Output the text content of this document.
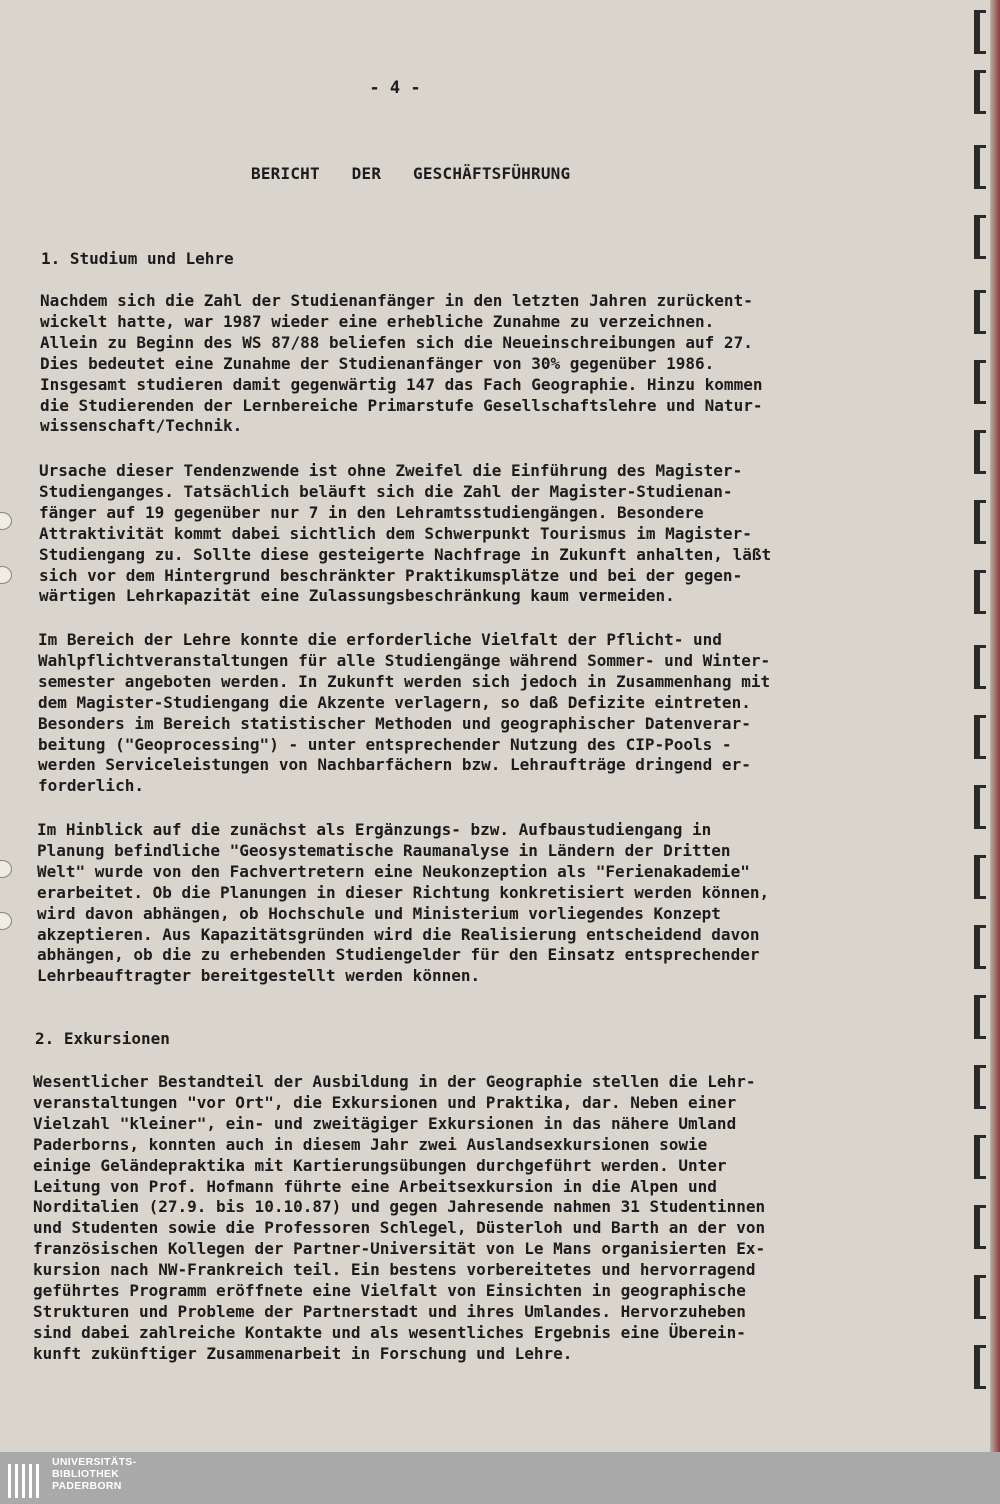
- 4 -
BERICHT DER GESCHÄFTSFÜHRUNG
1. Studium und Lehre
Nachdem sich die Zahl der Studienanfänger in den letzten Jahren zurückent-
wickelt hatte, war 1987 wieder eine erhebliche Zunahme zu verzeichnen.
Allein zu Beginn des WS 87/88 beliefen sich die Neueinschreibungen auf 27.
Dies bedeutet eine Zunahme der Studienanfänger von 30% gegenüber 1986.
Insgesamt studieren damit gegenwärtig 147 das Fach Geographie. Hinzu kommen
die Studierenden der Lernbereiche Primarstufe Gesellschaftslehre und Natur-
wissenschaft/Technik.
Ursache dieser Tendenzwende ist ohne Zweifel die Einführung des Magister-
Studienganges. Tatsächlich beläuft sich die Zahl der Magister-Studienan-
fänger auf 19 gegenüber nur 7 in den Lehramtsstudiengängen. Besondere
Attraktivität kommt dabei sichtlich dem Schwerpunkt Tourismus im Magister-
Studiengang zu. Sollte diese gesteigerte Nachfrage in Zukunft anhalten, läßt
sich vor dem Hintergrund beschränkter Praktikumsplätze und bei der gegen-
wärtigen Lehrkapazität eine Zulassungsbeschränkung kaum vermeiden.
Im Bereich der Lehre konnte die erforderliche Vielfalt der Pflicht- und
Wahlpflichtveranstaltungen für alle Studiengänge während Sommer- und Winter-
semester angeboten werden. In Zukunft werden sich jedoch in Zusammenhang mit
dem Magister-Studiengang die Akzente verlagern, so daß Defizite eintreten.
Besonders im Bereich statistischer Methoden und geographischer Datenverar-
beitung ("Geoprocessing") - unter entsprechender Nutzung des CIP-Pools -
werden Serviceleistungen von Nachbarfächern bzw. Lehraufträge dringend er-
forderlich.
Im Hinblick auf die zunächst als Ergänzungs- bzw. Aufbaustudiengang in
Planung befindliche "Geosystematische Raumanalyse in Ländern der Dritten
Welt" wurde von den Fachvertretern eine Neukonzeption als "Ferienakademie"
erarbeitet. Ob die Planungen in dieser Richtung konkretisiert werden können,
wird davon abhängen, ob Hochschule und Ministerium vorliegendes Konzept
akzeptieren. Aus Kapazitätsgründen wird die Realisierung entscheidend davon
abhängen, ob die zu erhebenden Studiengelder für den Einsatz entsprechender
Lehrbeauftragter bereitgestellt werden können.
2. Exkursionen
Wesentlicher Bestandteil der Ausbildung in der Geographie stellen die Lehr-
veranstaltungen "vor Ort", die Exkursionen und Praktika, dar. Neben einer
Vielzahl "kleiner", ein- und zweitägiger Exkursionen in das nähere Umland
Paderborns, konnten auch in diesem Jahr zwei Auslandsexkursionen sowie
einige Geländepraktika mit Kartierungsübungen durchgeführt werden. Unter
Leitung von Prof. Hofmann führte eine Arbeitsexkursion in die Alpen und
Norditalien (27.9. bis 10.10.87) und gegen Jahresende nahmen 31 Studentinnen
und Studenten sowie die Professoren Schlegel, Düsterloh und Barth an der von
französischen Kollegen der Partner-Universität von Le Mans organisierten Ex-
kursion nach NW-Frankreich teil. Ein bestens vorbereitetes und hervorragend
geführtes Programm eröffnete eine Vielfalt von Einsichten in geographische
Strukturen und Probleme der Partnerstadt und ihres Umlandes. Hervorzuheben
sind dabei zahlreiche Kontakte und als wesentliches Ergebnis eine Überein-
kunft zukünftiger Zusammenarbeit in Forschung und Lehre.
UNIVERSITÄTS-
BIBLIOTHEK
PADERBORN
